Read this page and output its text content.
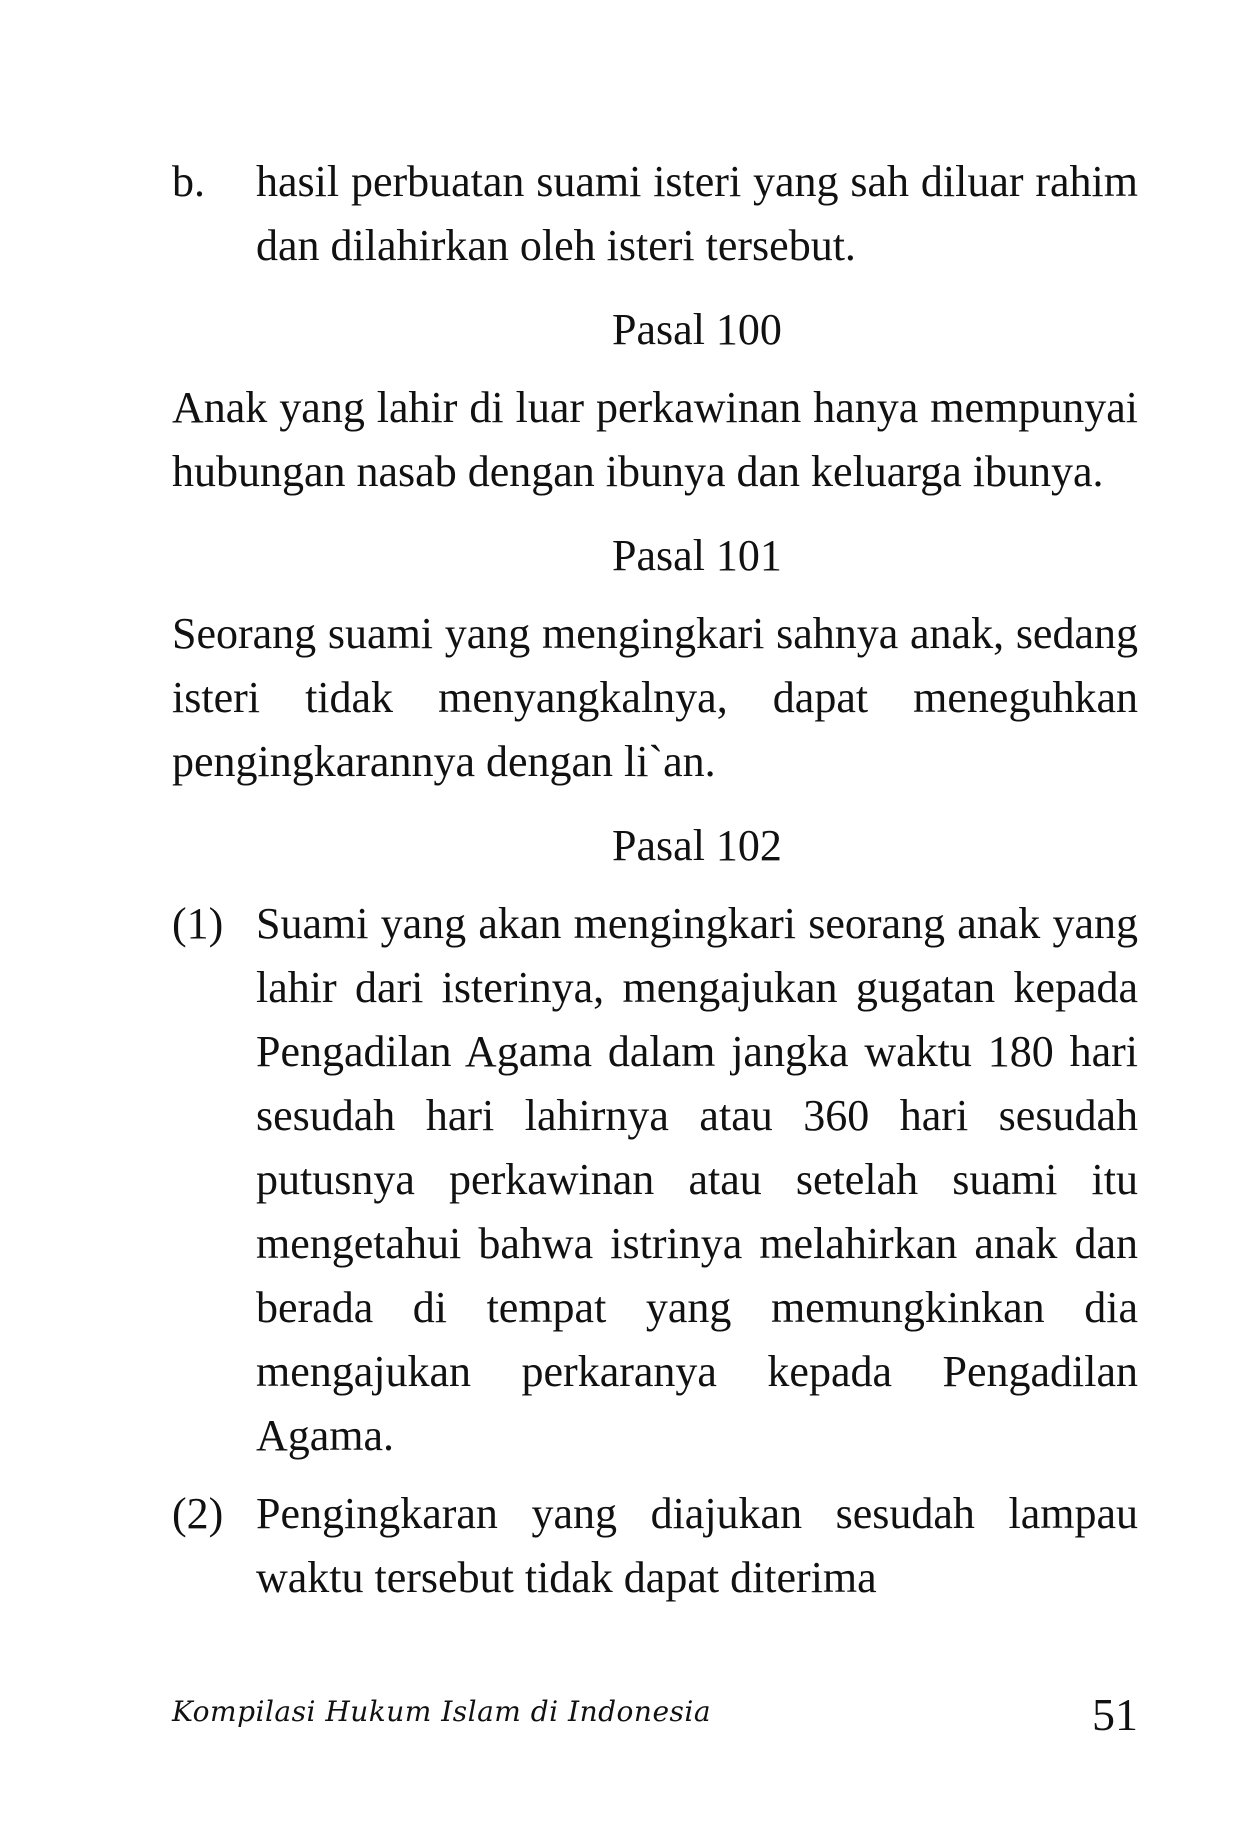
b.	hasil perbuatan suami isteri yang sah diluar rahim dan dilahirkan oleh isteri tersebut.
Pasal 100
Anak yang lahir di luar perkawinan hanya mempunyai hubungan nasab dengan ibunya dan keluarga ibunya.
Pasal 101
Seorang suami yang mengingkari sahnya anak, sedang isteri tidak menyangkalnya, dapat meneguhkan pengingkarannya dengan li`an.
Pasal 102
(1) Suami yang akan mengingkari seorang anak yang lahir dari isterinya, mengajukan gugatan kepada Pengadilan Agama dalam jangka waktu 180 hari sesudah hari lahirnya atau 360 hari sesudah putusnya perkawinan atau setelah suami itu mengetahui bahwa istrinya melahirkan anak dan berada di tempat yang memungkinkan dia mengajukan perkaranya kepada Pengadilan Agama.
(2) Pengingkaran yang diajukan sesudah lampau waktu tersebut tidak dapat diterima
Kompilasi Hukum Islam di Indonesia	51
